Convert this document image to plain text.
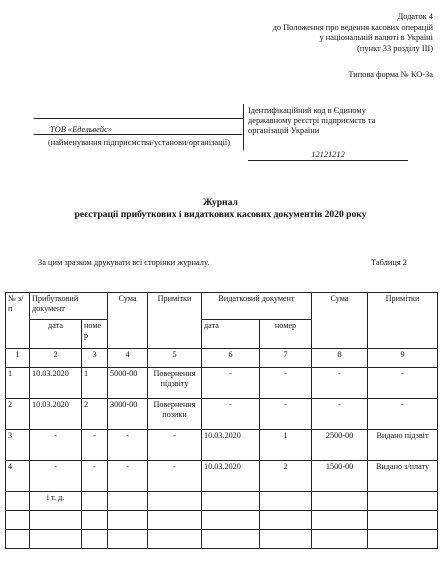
Додаток 4
до Положення про ведення касових операцій
у національній валюті в Україні
(пункт 33 розділу ІІІ)
Типова форма № КО-3а
ТОВ «Едельвейс»
(найменування підприємства/установи/організації)
Ідентифікаційний код в Єдиному
державному реєстрі підприємств та
організацій України
12121212
Журнал
реєстрації прибуткових і видаткових касових документів 2020 року
За цим зразком друкувати всі сторінки журналу.	Таблиця 2
№ з/п	Прибутковий документ		Сума	Примітки	Видатковий документ		Сума	Примітки
	дата	номе р			дата	номер		
1	2	3	4	5	6	7	8	9
1	10.03.2020	1	5000-00	Повернення підзвіту	-	-	-	-
2	10.03.2020	2	3000-00	Повернення позики	-	-	-	-
3	-	-	-	-	10.03.2020	1	2500-00	Видано підзвіт
4	-	-	-	-	10.03.2020	2	1500-00	Видано з/плату
	і т. д.							
